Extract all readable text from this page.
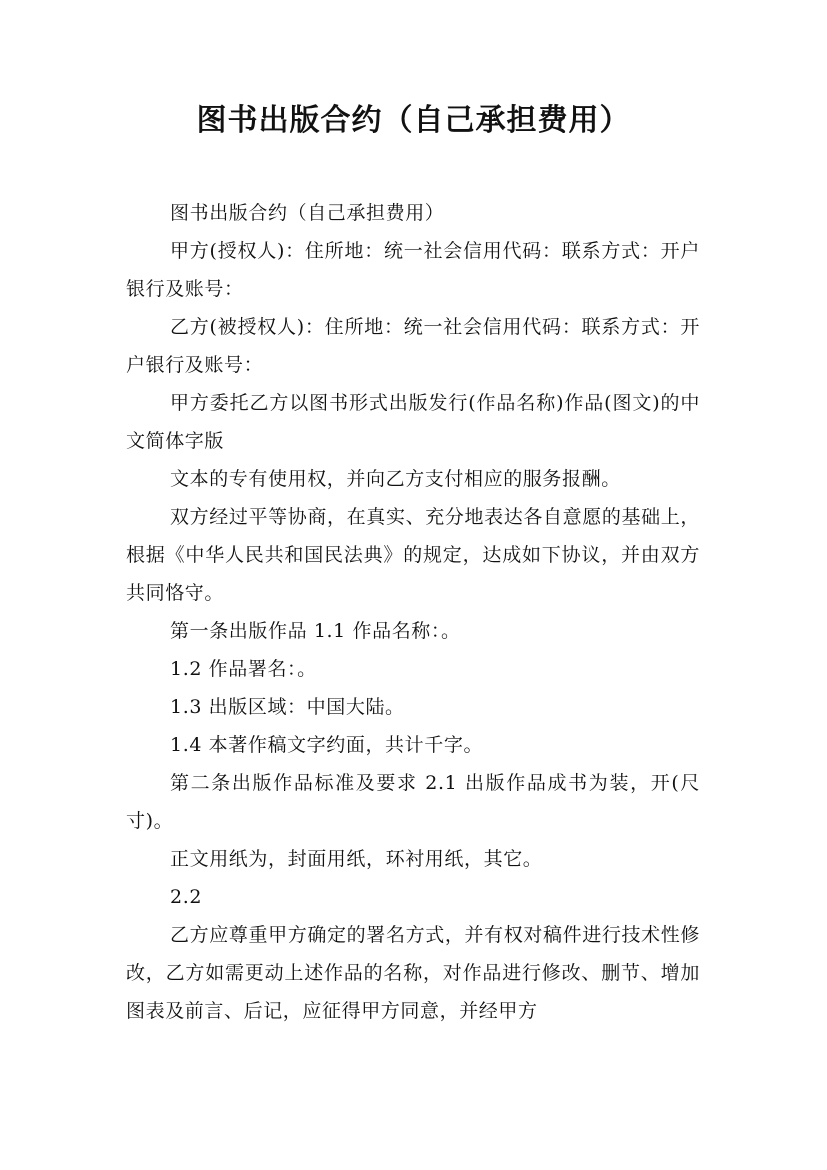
图书出版合约（自己承担费用）

图书出版合约（自己承担费用）

甲方(授权人)：住所地：统一社会信用代码：联系方式：开户银行及账号：

乙方(被授权人)：住所地：统一社会信用代码：联系方式：开户银行及账号：

甲方委托乙方以图书形式出版发行(作品名称)作品(图文)的中文简体字版

文本的专有使用权，并向乙方支付相应的服务报酬。

双方经过平等协商，在真实、充分地表达各自意愿的基础上，根据《中华人民共和国民法典》的规定，达成如下协议，并由双方共同恪守。

第一条出版作品 1.1 作品名称：。

1.2 作品署名：。

1.3 出版区域：中国大陆。

1.4 本著作稿文字约面，共计千字。

第二条出版作品标准及要求 2.1 出版作品成书为装，开(尺寸)。

正文用纸为，封面用纸，环衬用纸，其它。

2.2

乙方应尊重甲方确定的署名方式，并有权对稿件进行技术性修改，乙方如需更动上述作品的名称，对作品进行修改、删节、增加图表及前言、后记，应征得甲方同意，并经甲方
